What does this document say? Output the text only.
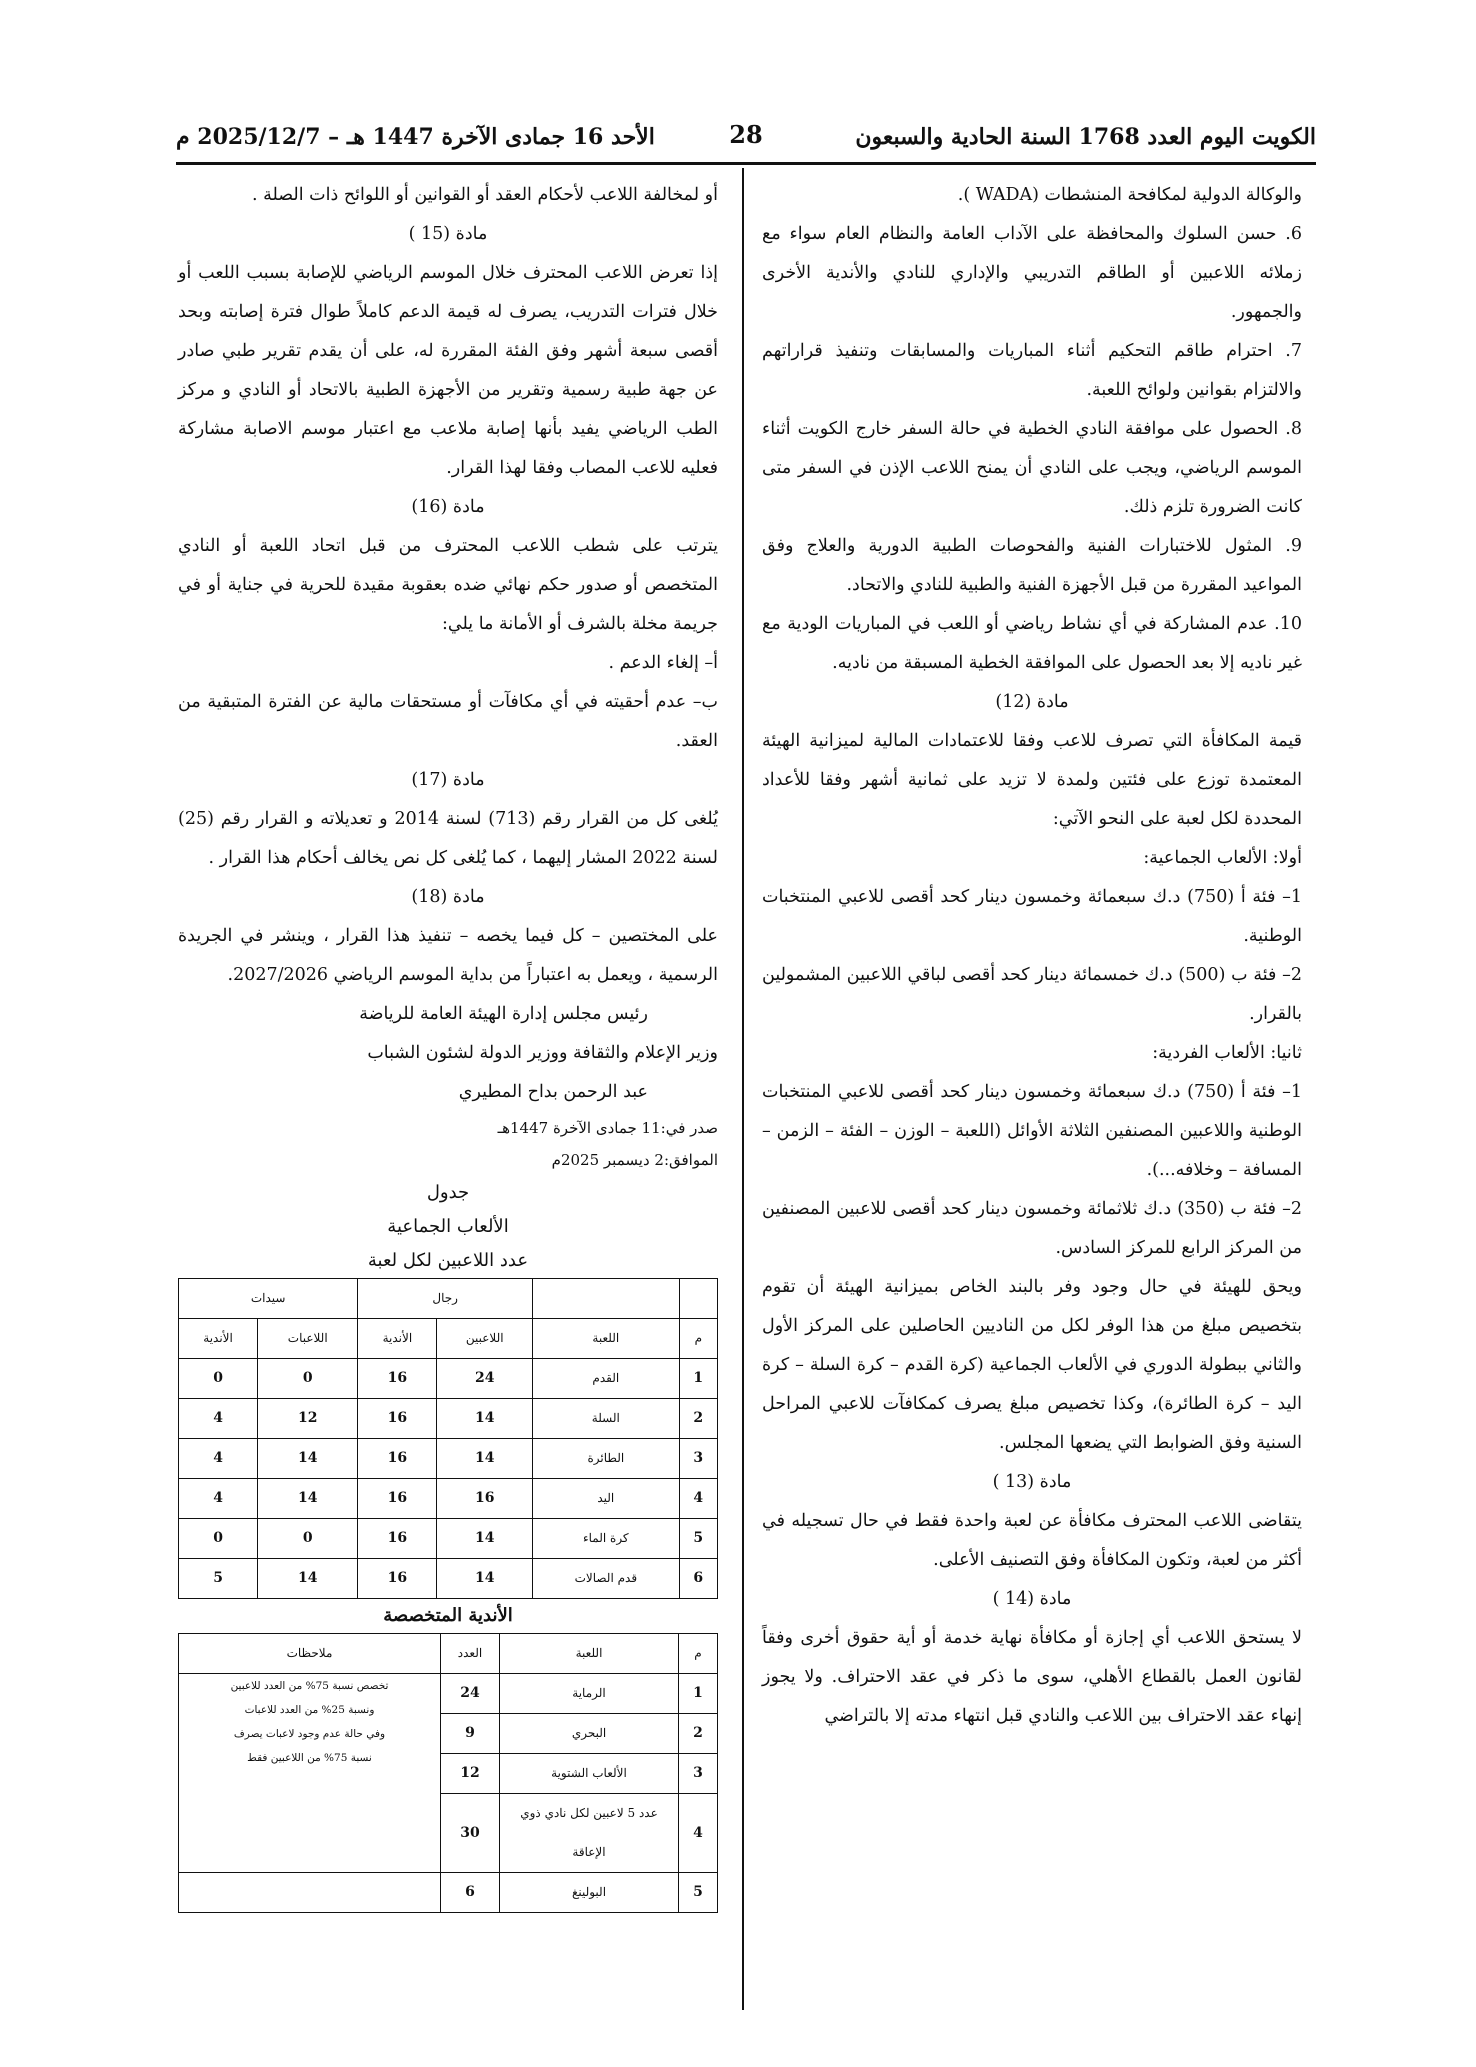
الكويت اليوم العدد 1768 السنة الحادية والسبعون
28
الأحد 16 جمادى الآخرة 1447 هـ – 2025/12/7 م

والوكالة الدولية لمكافحة المنشطات (WADA ).

6. حسن السلوك والمحافظة على الآداب العامة والنظام العام سواء مع زملائه اللاعبين أو الطاقم التدريبي والإداري للنادي والأندية الأخرى والجمهور.

7. احترام طاقم التحكيم أثناء المباريات والمسابقات وتنفيذ قراراتهم والالتزام بقوانين ولوائح اللعبة.

8. الحصول على موافقة النادي الخطية في حالة السفر خارج الكويت أثناء الموسم الرياضي، ويجب على النادي أن يمنح اللاعب الإذن في السفر متى كانت الضرورة تلزم ذلك.

9. المثول للاختبارات الفنية والفحوصات الطبية الدورية والعلاج وفق المواعيد المقررة من قبل الأجهزة الفنية والطبية للنادي والاتحاد.

10. عدم المشاركة في أي نشاط رياضي أو اللعب في المباريات الودية مع غير ناديه إلا بعد الحصول على الموافقة الخطية المسبقة من ناديه.

مادة (12)

قيمة المكافأة التي تصرف للاعب وفقا للاعتمادات المالية لميزانية الهيئة المعتمدة توزع على فئتين ولمدة لا تزيد على ثمانية أشهر وفقا للأعداد المحددة لكل لعبة على النحو الآتي:

أولا: الألعاب الجماعية:

1– فئة أ (750) د.ك سبعمائة وخمسون دينار كحد أقصى للاعبي المنتخبات الوطنية.

2– فئة ب (500) د.ك خمسمائة دينار كحد أقصى لباقي اللاعبين المشمولين بالقرار.

ثانيا: الألعاب الفردية:

1– فئة أ (750) د.ك سبعمائة وخمسون دينار كحد أقصى للاعبي المنتخبات الوطنية واللاعبين المصنفين الثلاثة الأوائل (اللعبة – الوزن – الفئة – الزمن – المسافة – وخلافه...).

2– فئة ب (350) د.ك ثلاثمائة وخمسون دينار كحد أقصى للاعبين المصنفين من المركز الرابع للمركز السادس.

ويحق للهيئة في حال وجود وفر بالبند الخاص بميزانية الهيئة أن تقوم بتخصيص مبلغ من هذا الوفر لكل من الناديين الحاصلين على المركز الأول والثاني ببطولة الدوري في الألعاب الجماعية (كرة القدم – كرة السلة – كرة اليد – كرة الطائرة)، وكذا تخصيص مبلغ يصرف كمكافآت للاعبي المراحل السنية وفق الضوابط التي يضعها المجلس.

مادة (13 )

يتقاضى اللاعب المحترف مكافأة عن لعبة واحدة فقط في حال تسجيله في أكثر من لعبة، وتكون المكافأة وفق التصنيف الأعلى.

مادة (14 )

لا يستحق اللاعب أي إجازة أو مكافأة نهاية خدمة أو أية حقوق أخرى وفقاً لقانون العمل بالقطاع الأهلي، سوى ما ذكر في عقد الاحتراف. ولا يجوز إنهاء عقد الاحتراف بين اللاعب والنادي قبل انتهاء مدته إلا بالتراضي

أو لمخالفة اللاعب لأحكام العقد أو القوانين أو اللوائح ذات الصلة .

مادة (15 )

إذا تعرض اللاعب المحترف خلال الموسم الرياضي للإصابة بسبب اللعب أو خلال فترات التدريب، يصرف له قيمة الدعم كاملاً طوال فترة إصابته وبحد أقصى سبعة أشهر وفق الفئة المقررة له، على أن يقدم تقرير طبي صادر عن جهة طبية رسمية وتقرير من الأجهزة الطبية بالاتحاد أو النادي و مركز الطب الرياضي يفيد بأنها إصابة ملاعب مع اعتبار موسم الاصابة مشاركة فعليه للاعب المصاب وفقا لهذا القرار.

مادة (16)

يترتب على شطب اللاعب المحترف من قبل اتحاد اللعبة أو النادي المتخصص أو صدور حكم نهائي ضده بعقوبة مقيدة للحرية في جناية أو في جريمة مخلة بالشرف أو الأمانة ما يلي:

أ– إلغاء الدعم .

ب– عدم أحقيته في أي مكافآت أو مستحقات مالية عن الفترة المتبقية من العقد.

مادة (17)

يُلغى كل من القرار رقم (713) لسنة 2014 و تعديلاته و القرار رقم (25) لسنة 2022 المشار إليهما ، كما يُلغى كل نص يخالف أحكام هذا القرار .

مادة (18)

على المختصين – كل فيما يخصه – تنفيذ هذا القرار ، وينشر في الجريدة الرسمية ، ويعمل به اعتباراً من بداية الموسم الرياضي 2027/2026.

رئيس مجلس إدارة الهيئة العامة للرياضة

وزير الإعلام والثقافة ووزير الدولة لشئون الشباب

عبد الرحمن بداح المطيري

صدر في:11 جمادى الآخرة 1447هـ

الموافق:2 ديسمبر 2025م

جدول

الألعاب الجماعية

عدد اللاعبين لكل لعبة

		رجال		سيدات	
م	اللعبة	اللاعبين	الأندية	اللاعبات	الأندية
1	القدم	24	16	0	0
2	السلة	14	16	12	4
3	الطائرة	14	16	14	4
4	اليد	16	16	14	4
5	كرة الماء	14	16	0	0
6	قدم الصالات	14	16	14	5

الأندية المتخصصة

م	اللعبة	العدد	ملاحظات
1	الرماية	24	تخصص نسبة 75% من العدد للاعبين
ونسبة 25% من العدد للاعبات
وفي حالة عدم وجود لاعبات يصرف
نسبة 75% من اللاعبين فقط

2	البحري	9	
3	الألعاب الشتوية	12	
4	عدد 5 لاعبين لكل نادي ذوي الإعاقة	30	
5	البولينغ	6	
